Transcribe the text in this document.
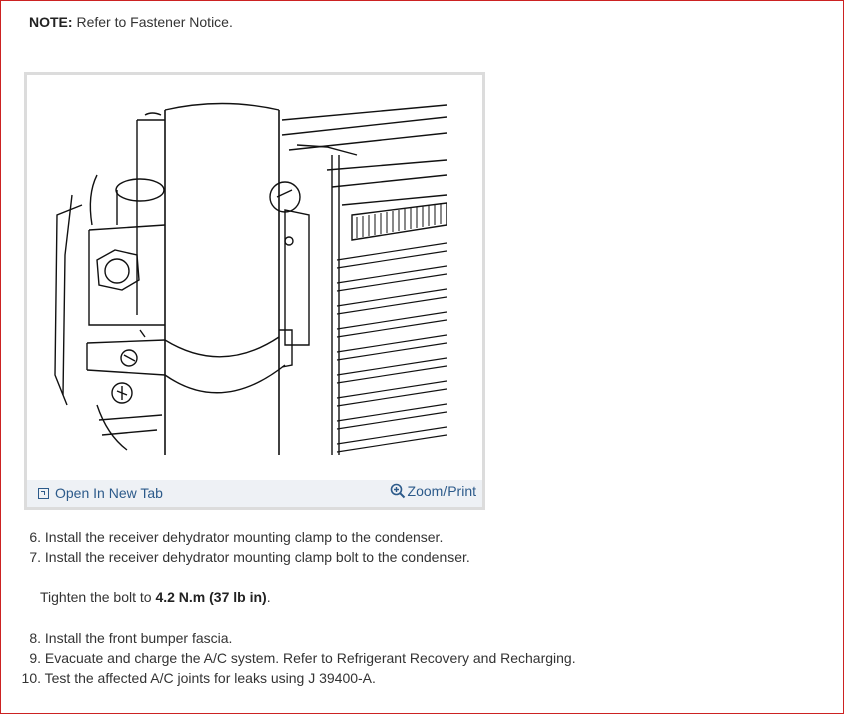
NOTE: Refer to Fastener Notice.
Open In New Tab	Zoom/Print
6. Install the receiver dehydrator mounting clamp to the condenser.
7. Install the receiver dehydrator mounting clamp bolt to the condenser.
Tighten the bolt to 4.2 N.m (37 lb in).
8. Install the front bumper fascia.
9. Evacuate and charge the A/C system. Refer to Refrigerant Recovery and Recharging.
10. Test the affected A/C joints for leaks using J 39400-A.
